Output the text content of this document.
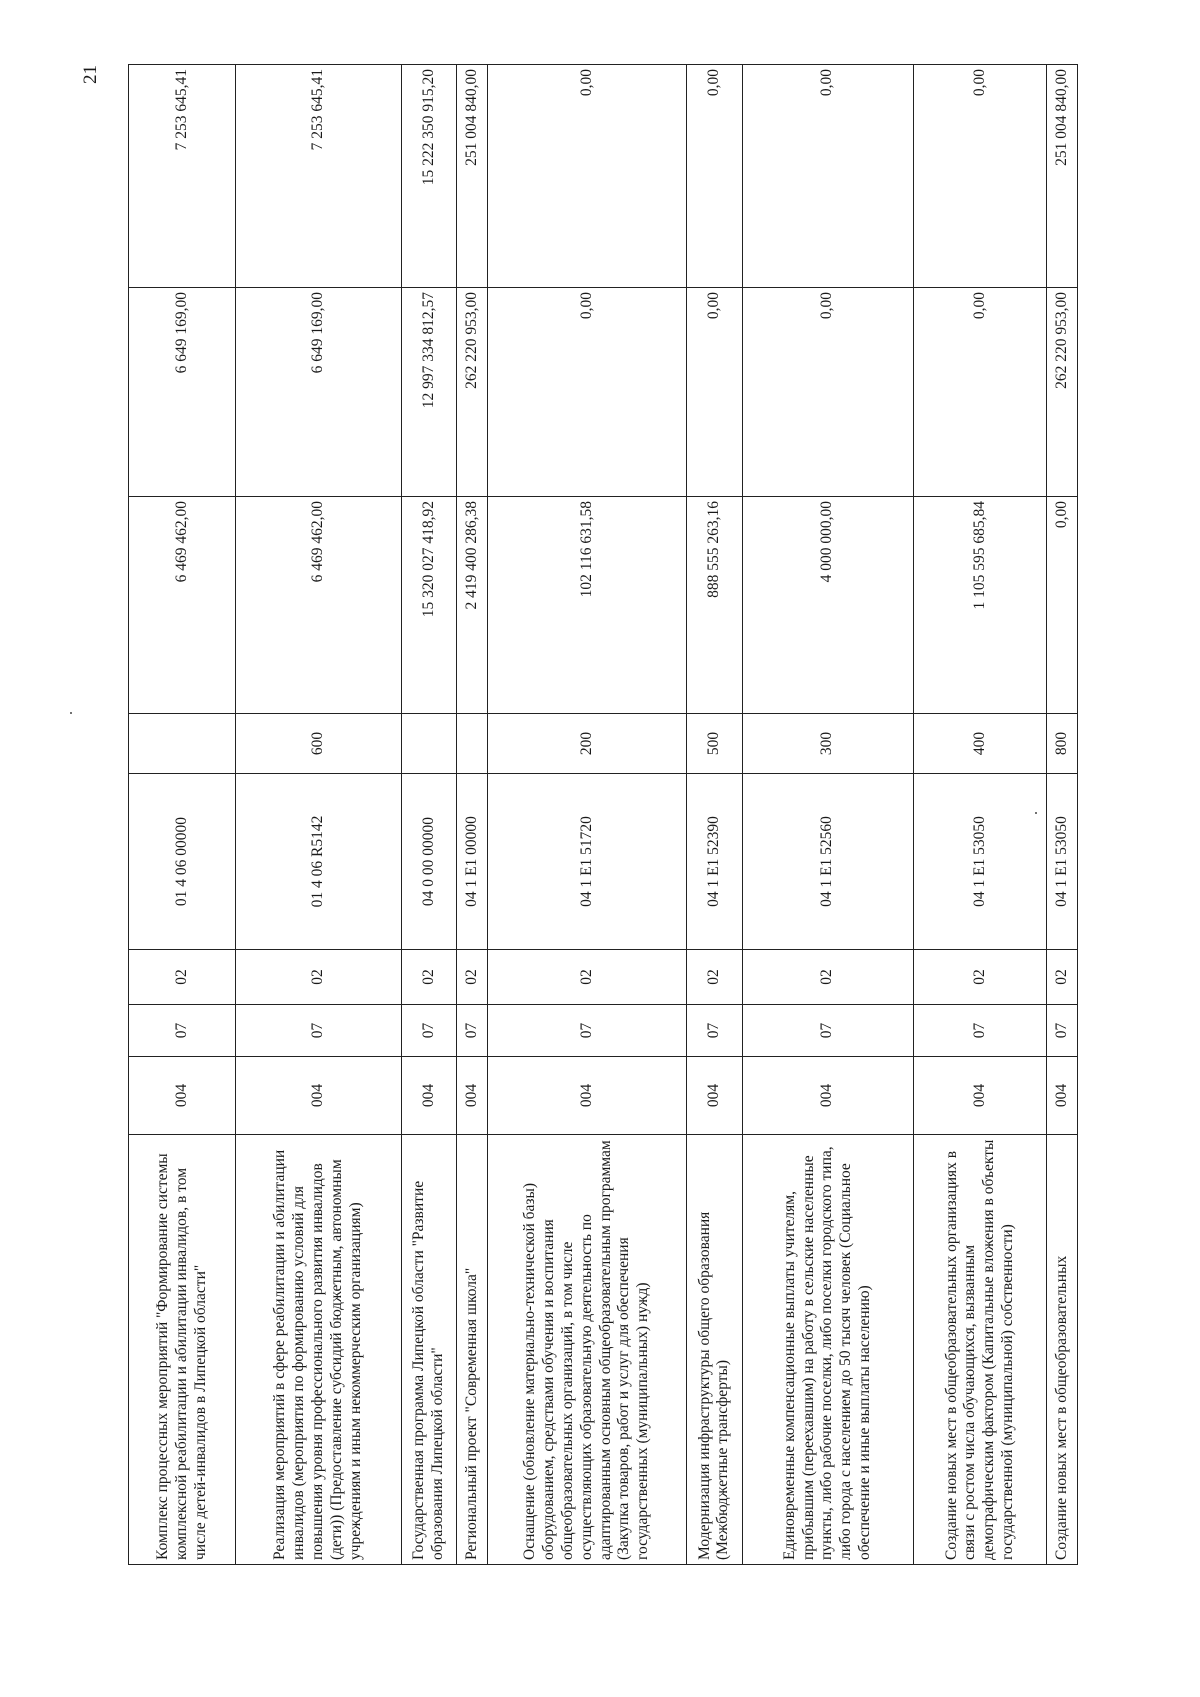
21
Комплекс процессных мероприятий "Формирование системы комплексной реабилитации и абилитации инвалидов, в том числе детей-инвалидов в Липецкой области"	004	07	02	01 4 06 00000		6 469 462,00	6 649 169,00	7 253 645,41
Реализация мероприятий в сфере реабилитации и абилитации инвалидов (мероприятия по формированию условий для повышения уровня профессионального развития инвалидов (дети)) (Предоставление субсидий бюджетным, автономным учреждениям и иным некоммерческим организациям)	004	07	02	01 4 06 R5142	600	6 469 462,00	6 649 169,00	7 253 645,41
Государственная программа Липецкой области "Развитие образования Липецкой области"	004	07	02	04 0 00 00000		15 320 027 418,92	12 997 334 812,57	15 222 350 915,20
Региональный проект "Современная школа"	004	07	02	04 1 E1 00000		2 419 400 286,38	262 220 953,00	251 004 840,00
Оснащение (обновление материально-технической базы) оборудованием, средствами обучения и воспитания общеобразовательных организаций, в том числе осуществляющих образовательную деятельность по адаптированным основным общеобразовательным программам (Закупка товаров, работ и услуг для обеспечения государственных (муниципальных) нужд)	004	07	02	04 1 E1 51720	200	102 116 631,58	0,00	0,00
Модернизация инфраструктуры общего образования (Межбюджетные трансферты)	004	07	02	04 1 E1 52390	500	888 555 263,16	0,00	0,00
Единовременные компенсационные выплаты учителям, прибывшим (переехавшим) на работу в сельские населенные пункты, либо рабочие поселки, либо поселки городского типа, либо города с населением до 50 тысяч человек (Социальное обеспечение и иные выплаты населению)	004	07	02	04 1 E1 52560	300	4 000 000,00	0,00	0,00
Создание новых мест в общеобразовательных организациях в связи с ростом числа обучающихся, вызванным демографическим фактором (Капитальные вложения в объекты государственной (муниципальной) собственности)	004	07	02	04 1 E1 53050	400	1 105 595 685,84	0,00	0,00
Создание новых мест в общеобразовательных	004	07	02	04 1 E1 53050	800	0,00	262 220 953,00	251 004 840,00
